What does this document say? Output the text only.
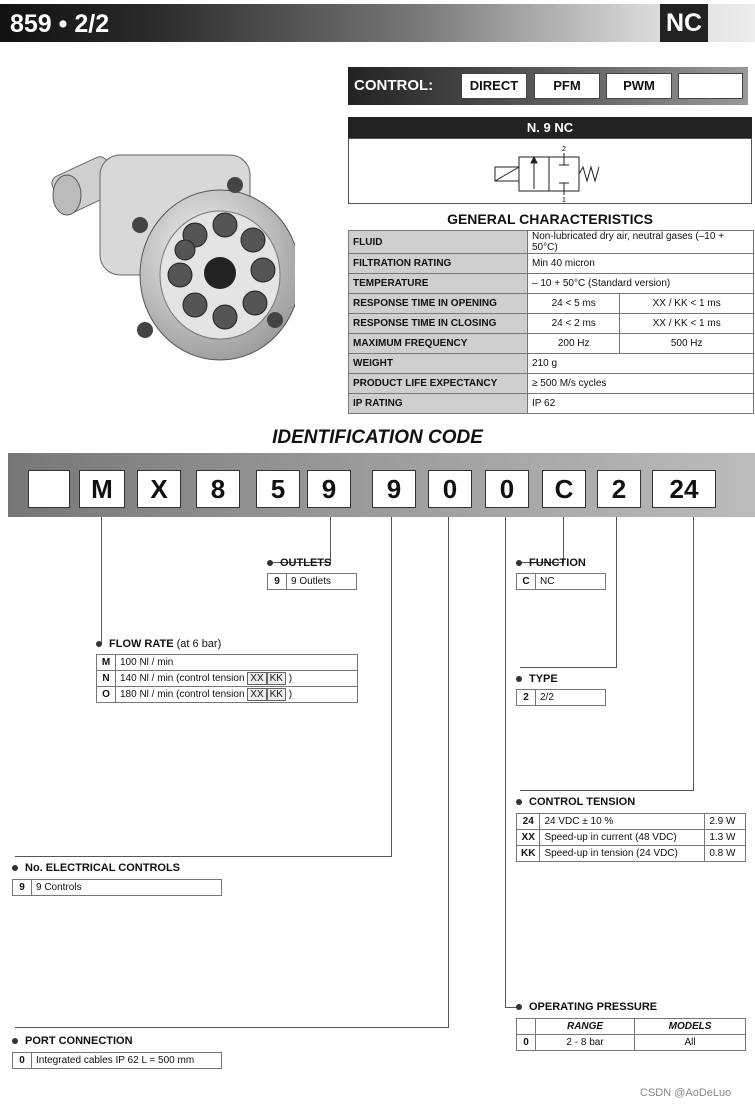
859 • 2/2	NC
CONTROL:	DIRECT	PFM	PWM
N. 9 NC
2
1
GENERAL CHARACTERISTICS
FLUID	Non-lubricated dry air, neutral gases (–10 + 50°C)	
FILTRATION RATING	Min 40 micron	
TEMPERATURE	– 10 + 50°C (Standard version)	
RESPONSE TIME IN OPENING	24 < 5 ms	XX / KK < 1 ms
RESPONSE TIME IN CLOSING	24 < 2 ms	XX / KK < 1 ms
MAXIMUM FREQUENCY	200 Hz	500 Hz
WEIGHT	210 g	
PRODUCT LIFE EXPECTANCY	≥ 500 M/s cycles	
IP RATING	IP 62	
IDENTIFICATION CODE
M	X	8	5	9	9	0	0	C	2	24
OUTLETS
9	9 Outlets
FUNCTION
C	NC
FLOW RATE (at 6 bar)
M	100 Nl / min
N	140 Nl / min (control tension XX KK )
O	180 Nl / min (control tension XX KK )
TYPE
2	2/2
CONTROL TENSION
24	24 VDC ± 10 %	2.9 W
XX	Speed-up in current (48 VDC)	1.3 W
KK	Speed-up in tension (24 VDC)	0.8 W
No. ELECTRICAL CONTROLS
9	9 Controls
OPERATING PRESSURE
	RANGE	MODELS
0	2 - 8 bar	All
PORT CONNECTION
0	Integrated cables IP 62 L = 500 mm
CSDN @AoDeLuo
